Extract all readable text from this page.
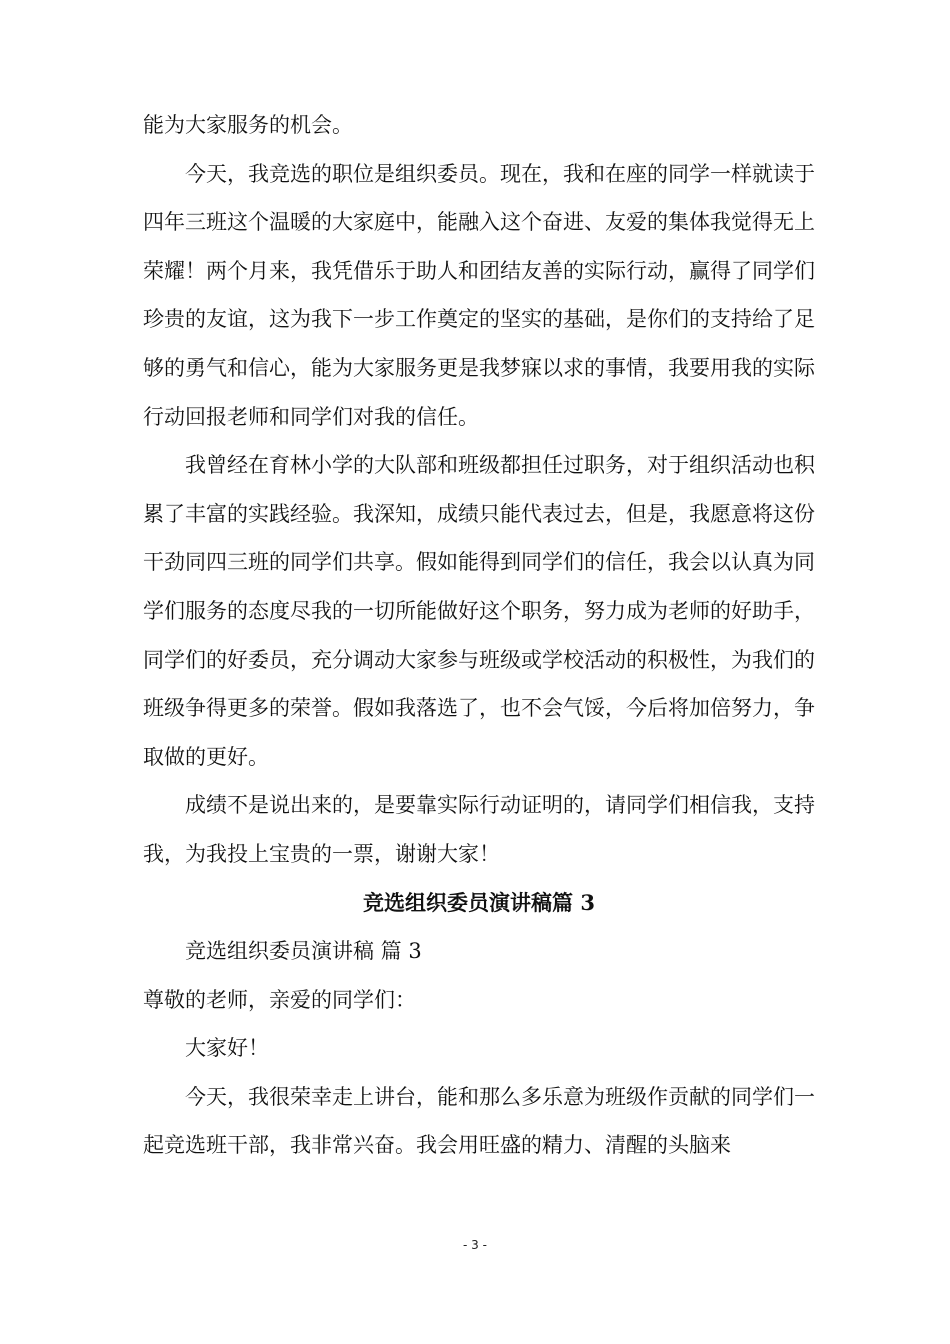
能为大家服务的机会。

今天，我竞选的职位是组织委员。现在，我和在座的同学一样就读于四年三班这个温暖的大家庭中，能融入这个奋进、友爱的集体我觉得无上荣耀！两个月来，我凭借乐于助人和团结友善的实际行动，赢得了同学们珍贵的友谊，这为我下一步工作奠定的坚实的基础，是你们的支持给了足够的勇气和信心，能为大家服务更是我梦寐以求的事情，我要用我的实际行动回报老师和同学们对我的信任。

我曾经在育林小学的大队部和班级都担任过职务，对于组织活动也积累了丰富的实践经验。我深知，成绩只能代表过去，但是，我愿意将这份干劲同四三班的同学们共享。假如能得到同学们的信任，我会以认真为同学们服务的态度尽我的一切所能做好这个职务，努力成为老师的好助手，同学们的好委员，充分调动大家参与班级或学校活动的积极性，为我们的班级争得更多的荣誉。假如我落选了，也不会气馁，今后将加倍努力，争取做的更好。

成绩不是说出来的，是要靠实际行动证明的，请同学们相信我，支持我，为我投上宝贵的一票，谢谢大家！

竞选组织委员演讲稿篇 3

竞选组织委员演讲稿 篇 3

尊敬的老师，亲爱的同学们：

大家好！

今天，我很荣幸走上讲台，能和那么多乐意为班级作贡献的同学们一起竞选班干部，我非常兴奋。我会用旺盛的精力、清醒的头脑来

- 3 -
